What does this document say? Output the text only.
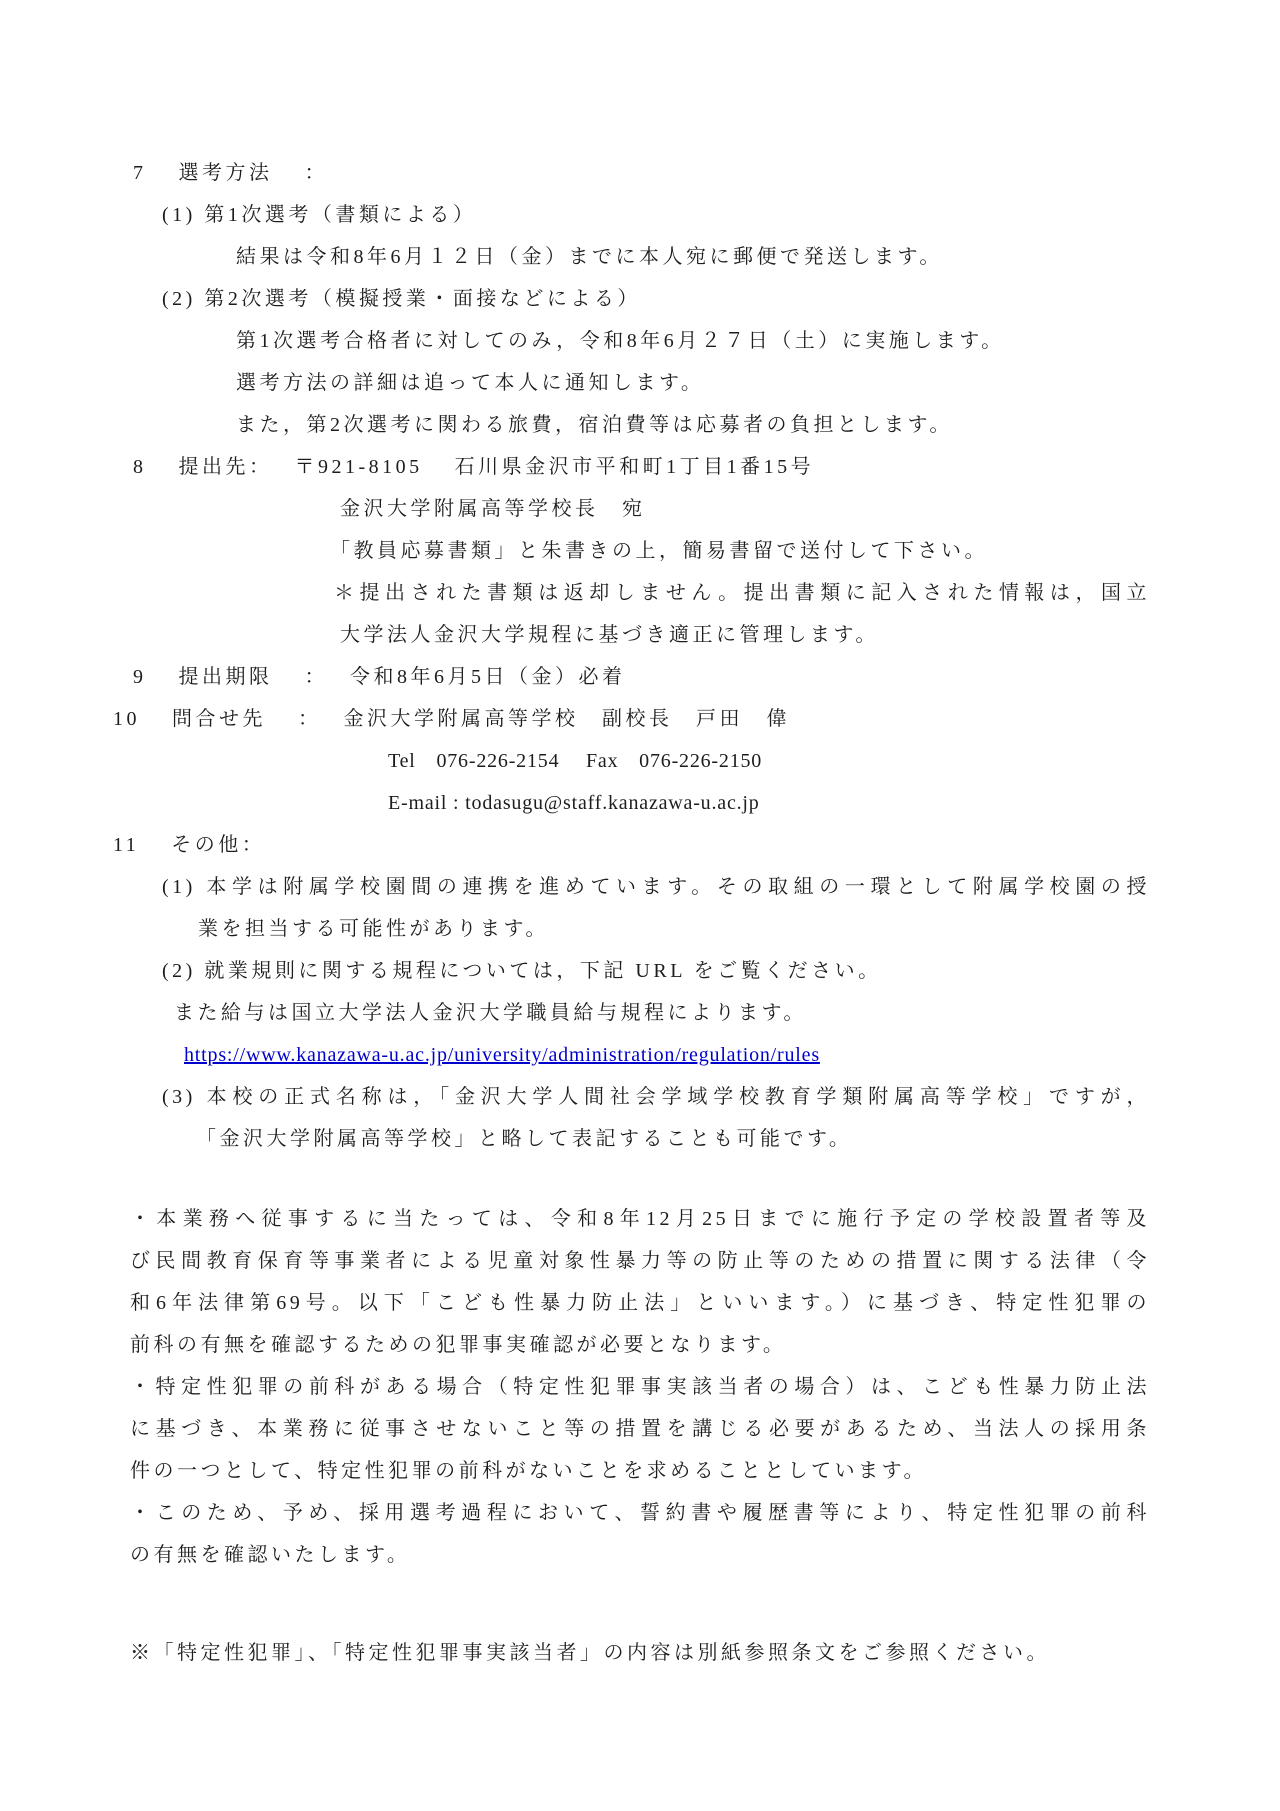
7　 選考方法　 ：
(1) 第1次選考（書類による）
結果は令和8年6月１２日（金）までに本人宛に郵便で発送します。
(2) 第2次選考（模擬授業・面接などによる）
第1次選考合格者に対してのみ，令和8年6月２７日（土）に実施します。
選考方法の詳細は追って本人に通知します。
また，第2次選考に関わる旅費，宿泊費等は応募者の負担とします。
8　 提出先：　 〒921-8105　 石川県金沢市平和町1丁目1番15号
金沢大学附属高等学校長　宛
「教員応募書類」と朱書きの上，簡易書留で送付して下さい。
＊提出された書類は返却しません。提出書類に記入された情報は，国立
大学法人金沢大学規程に基づき適正に管理します。
9　 提出期限　 ：　 令和8年6月5日（金）必着
10　 問合せ先　 ：　 金沢大学附属高等学校　副校長　戸田　偉
Tel　076-226-2154　 Fax　076-226-2150
E-mail : todasugu@staff.kanazawa-u.ac.jp
11　 その他：
(1) 本学は附属学校園間の連携を進めています。その取組の一環として附属学校園の授
業を担当する可能性があります。
(2) 就業規則に関する規程については，下記 URL をご覧ください。
また給与は国立大学法人金沢大学職員給与規程によります。
https://www.kanazawa-u.ac.jp/university/administration/regulation/rules
(3) 本校の正式名称は，「金沢大学人間社会学域学校教育学類附属高等学校」ですが，
「金沢大学附属高等学校」と略して表記することも可能です。
・本業務へ従事するに当たっては、令和8年12月25日までに施行予定の学校設置者等及
び民間教育保育等事業者による児童対象性暴力等の防止等のための措置に関する法律（令
和6年法律第69号。以下「こども性暴力防止法」といいます。）に基づき、特定性犯罪の
前科の有無を確認するための犯罪事実確認が必要となります。
・特定性犯罪の前科がある場合（特定性犯罪事実該当者の場合）は、こども性暴力防止法
に基づき、本業務に従事させないこと等の措置を講じる必要があるため、当法人の採用条
件の一つとして、特定性犯罪の前科がないことを求めることとしています。
・このため、予め、採用選考過程において、誓約書や履歴書等により、特定性犯罪の前科
の有無を確認いたします。
※「特定性犯罪」、「特定性犯罪事実該当者」の内容は別紙参照条文をご参照ください。
